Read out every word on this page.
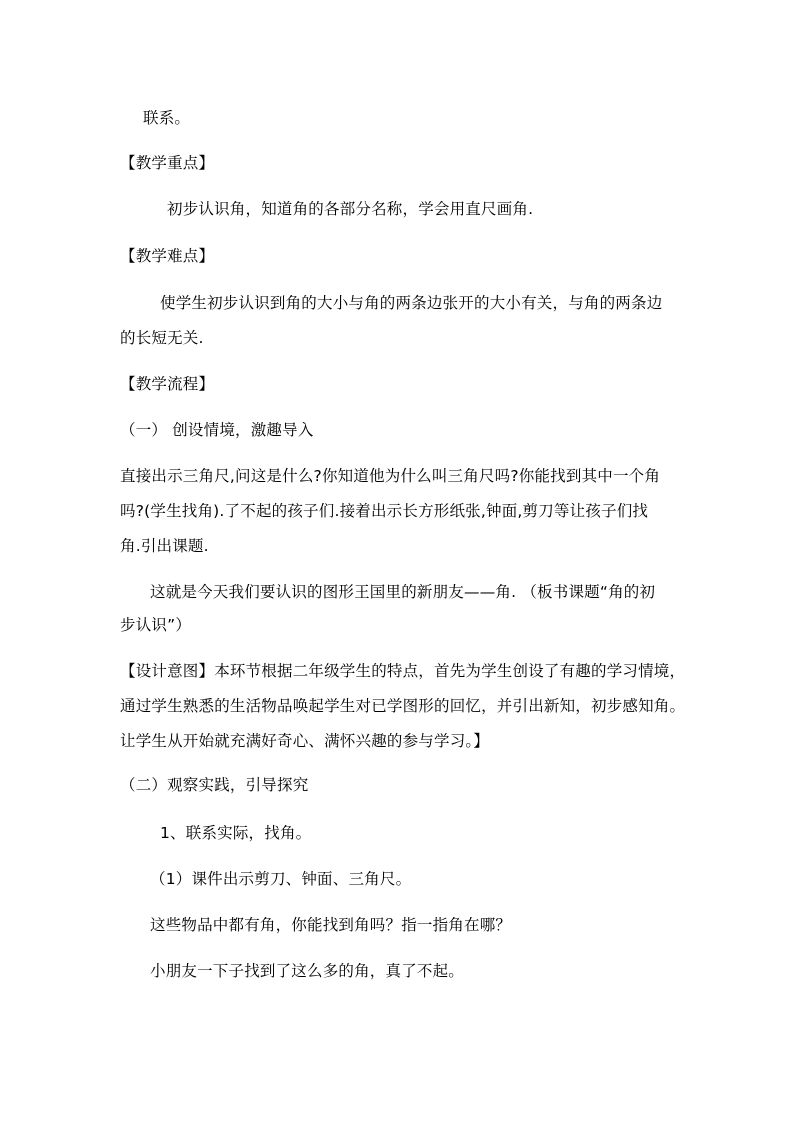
联系。
【教学重点】
初步认识角，知道角的各部分名称，学会用直尺画角.
【教学难点】
使学生初步认识到角的大小与角的两条边张开的大小有关，与角的两条边
的长短无关.
【教学流程】
（一） 创设情境，激趣导入
直接出示三角尺,问这是什么?你知道他为什么叫三角尺吗?你能找到其中一个角
吗?(学生找角).了不起的孩子们.接着出示长方形纸张,钟面,剪刀等让孩子们找
角.引出课题.
这就是今天我们要认识的图形王国里的新朋友——角. （板书课题“角的初
步认识”）
【设计意图】本环节根据二年级学生的特点，首先为学生创设了有趣的学习情境，
通过学生熟悉的生活物品唤起学生对已学图形的回忆，并引出新知，初步感知角。
让学生从开始就充满好奇心、满怀兴趣的参与学习。】
（二）观察实践，引导探究
1、联系实际，找角。
（1）课件出示剪刀、钟面、三角尺。
这些物品中都有角，你能找到角吗？指一指角在哪？
小朋友一下子找到了这么多的角，真了不起。
